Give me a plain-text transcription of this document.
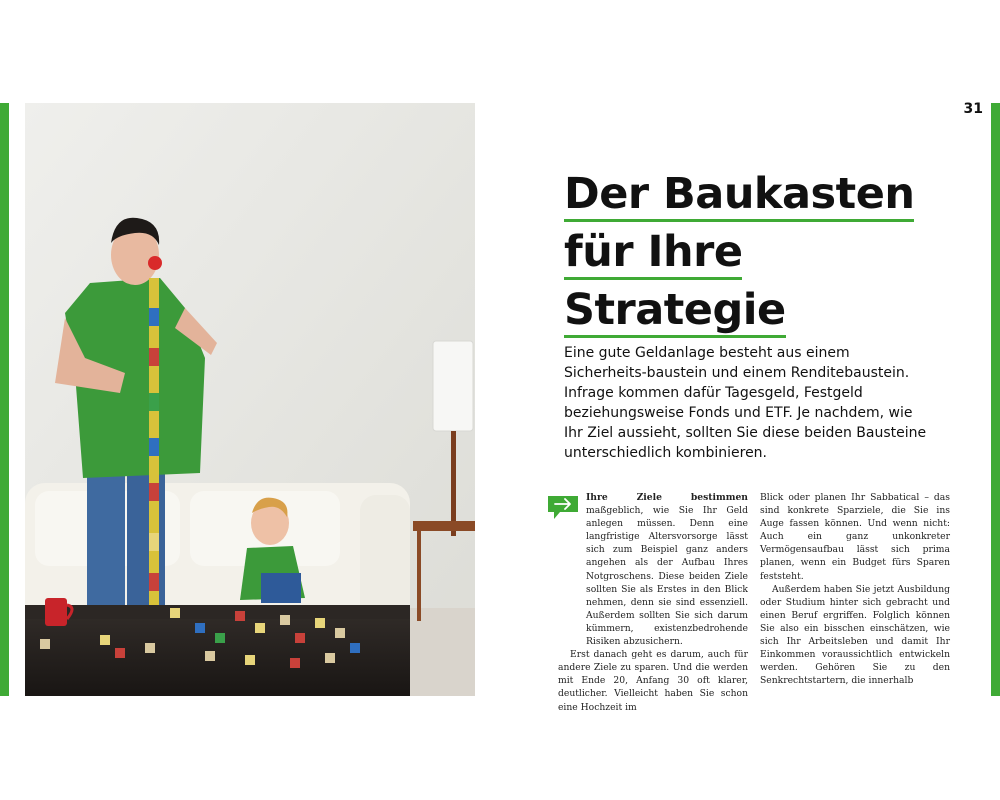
31
Der Baukasten
für Ihre
Strategie

Eine gute Geldanlage besteht aus einem Sicherheits-baustein und einem Renditebaustein. Infrage kommen dafür Tagesgeld, Festgeld beziehungsweise Fonds und ETF. Je nachdem, wie Ihr Ziel aussieht, sollten Sie diese beiden Bausteine unterschiedlich kombinieren.

Ihre Ziele bestimmen maßgeblich, wie Sie Ihr Geld anlegen müssen. Denn eine langfristige Altersvorsorge lässt sich zum Beispiel ganz anders angehen als der Aufbau Ihres Notgroschens. Diese beiden Ziele sollten Sie als Erstes in den Blick nehmen, denn sie sind essenziell. Außerdem sollten Sie sich darum kümmern, existenzbedrohende Risiken abzusichern.

Erst danach geht es darum, auch für andere Ziele zu sparen. Und die werden mit Ende 20, Anfang 30 oft klarer, deutlicher. Vielleicht haben Sie schon eine Hochzeit im

Blick oder planen Ihr Sabbatical – das sind konkrete Sparziele, die Sie ins Auge fassen können. Und wenn nicht: Auch ein ganz unkonkreter Vermögensaufbau lässt sich prima planen, wenn ein Budget fürs Sparen feststeht.

Außerdem haben Sie jetzt Ausbildung oder Studium hinter sich gebracht und einen Beruf ergriffen. Folglich können Sie also ein bisschen einschätzen, wie sich Ihr Arbeitsleben und damit Ihr Einkommen voraussichtlich entwickeln werden. Gehören Sie zu den Senkrechtstartern, die innerhalb
